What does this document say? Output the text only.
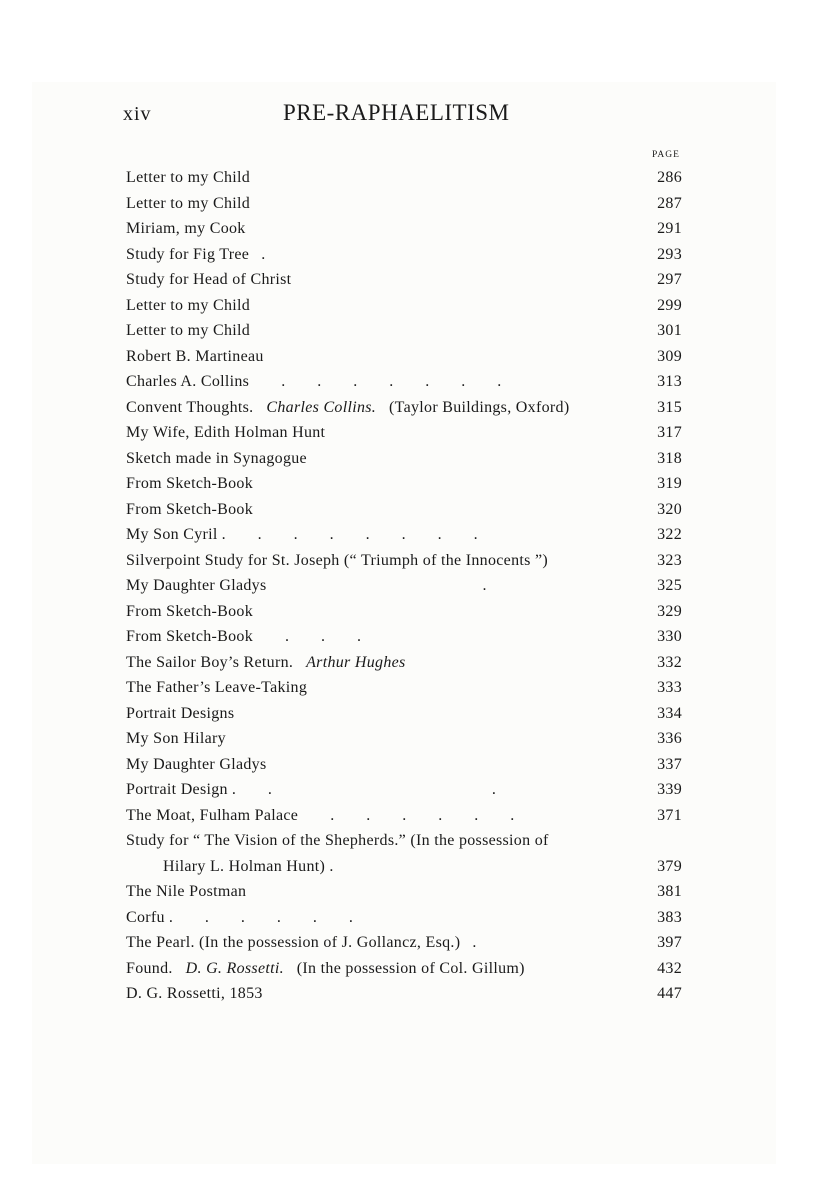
xiv	PRE-RAPHAELITISM
PAGE
Letter to my Child	286
Letter to my Child	287
Miriam, my Cook	291
Study for Fig Tree   .	293
Study for Head of Christ	297
Letter to my Child	299
Letter to my Child	301
Robert B. Martineau	309
Charles A. Collins        .        .        .        .        .        .        .	313
Convent Thoughts. Charles Collins. (Taylor Buildings, Oxford)	315
My Wife, Edith Holman Hunt	317
Sketch made in Synagogue	318
From Sketch-Book	319
From Sketch-Book	320
My Son Cyril .        .        .        .        .        .        .        .	322
Silverpoint Study for St. Joseph (“ Triumph of the Innocents ”)	323
My Daughter Gladys                                                      .	325
From Sketch-Book	329
From Sketch-Book        .        .        .	330
The Sailor Boy’s Return. Arthur Hughes	332
The Father’s Leave-Taking	333
Portrait Designs	334
My Son Hilary	336
My Daughter Gladys	337
Portrait Design .        .                                                       .	339
The Moat, Fulham Palace        .        .        .        .        .        .	371
Study for “ The Vision of the Shepherds.” (In the possession of
Hilary L. Holman Hunt) .	379
The Nile Postman	381
Corfu .        .        .        .        .        .	383
The Pearl. (In the possession of J. Gollancz, Esq.)   .	397
Found. D. G. Rossetti. (In the possession of Col. Gillum)	432
D. G. Rossetti, 1853	447
